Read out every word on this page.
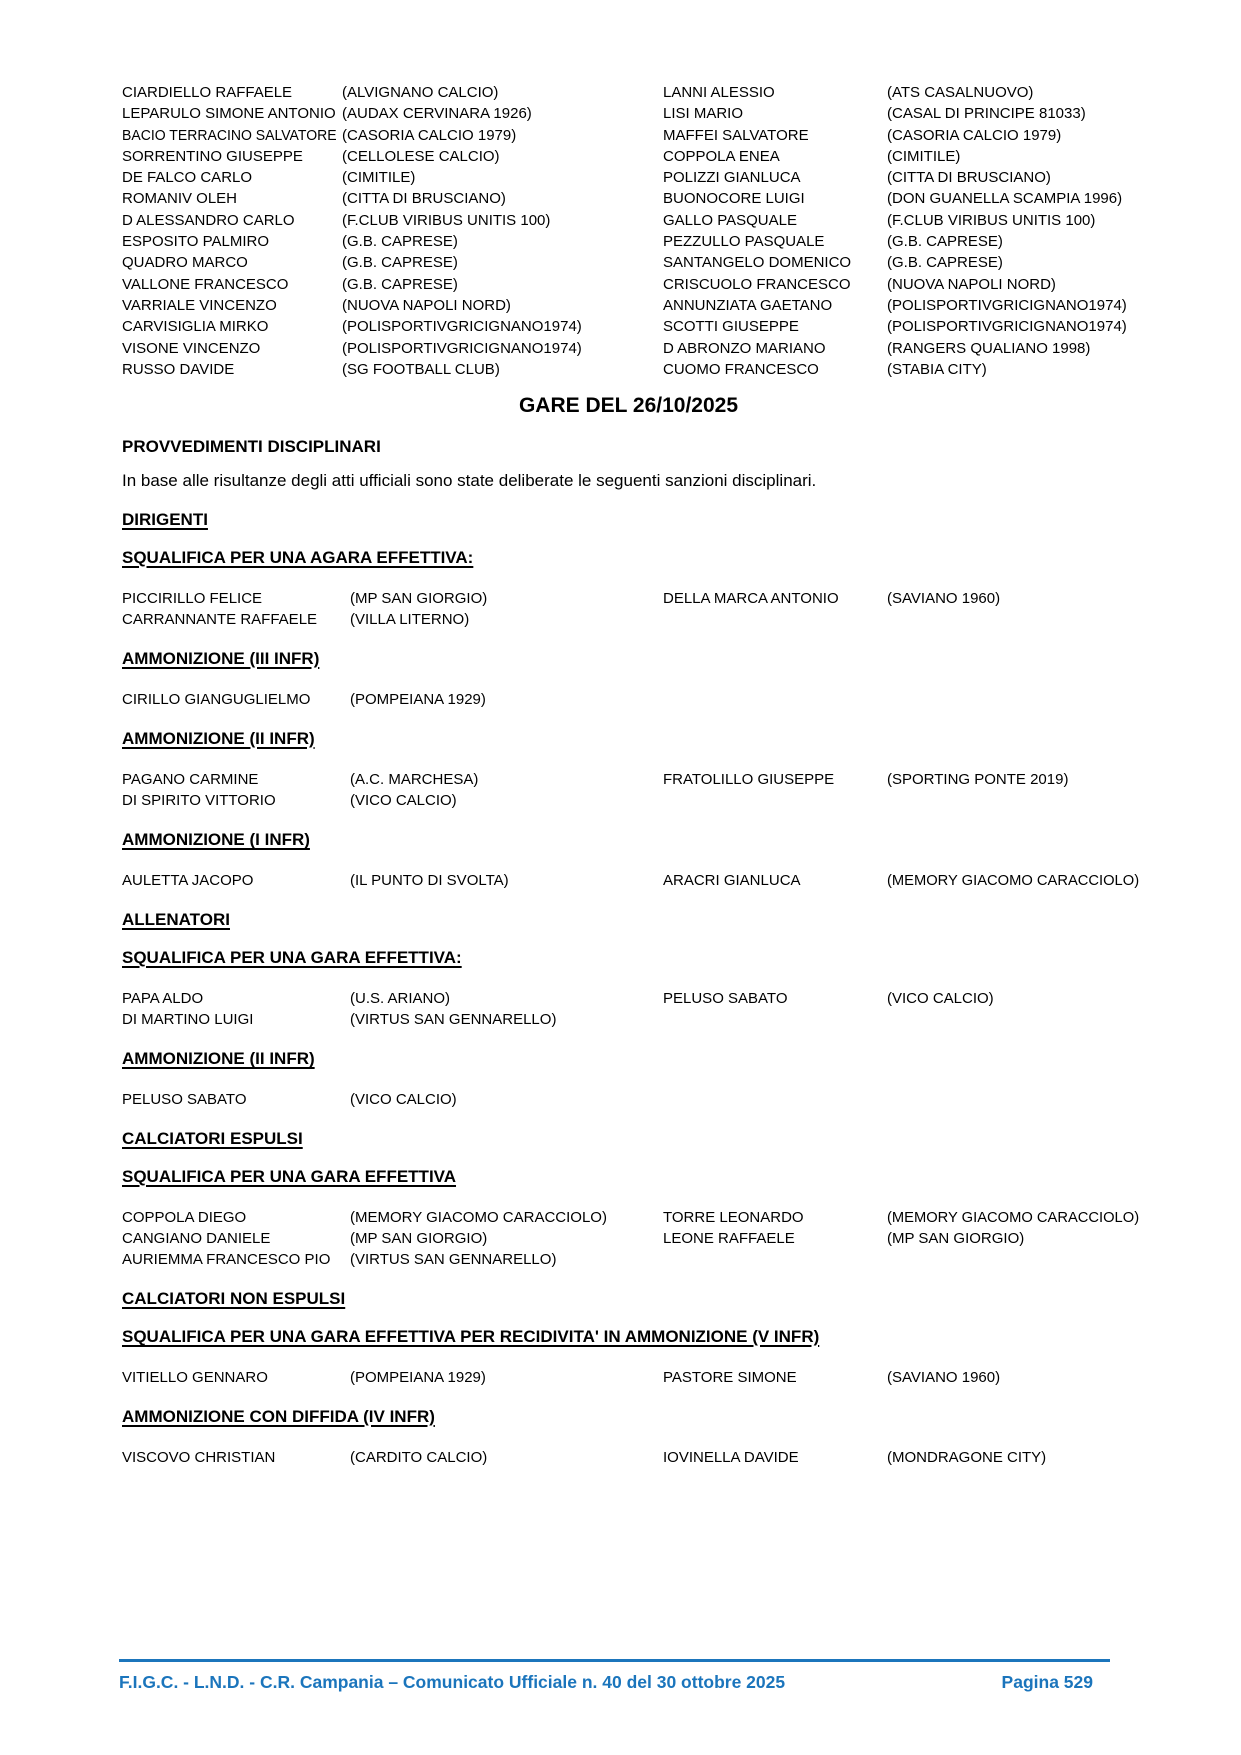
CIARDIELLO RAFFAELE	(ALVIGNANO CALCIO)	LANNI ALESSIO	(ATS CASALNUOVO)
LEPARULO SIMONE ANTONIO (AUDAX CERVINARA 1926)	LISI MARIO	(CASAL DI PRINCIPE 81033)
BACIO TERRACINO SALVATORE (CASORIA CALCIO 1979)	MAFFEI SALVATORE	(CASORIA CALCIO 1979)
SORRENTINO GIUSEPPE	(CELLOLESE CALCIO)	COPPOLA ENEA	(CIMITILE)
DE FALCO CARLO	(CIMITILE)	POLIZZI GIANLUCA	(CITTA DI BRUSCIANO)
ROMANIV OLEH	(CITTA DI BRUSCIANO)	BUONOCORE LUIGI	(DON GUANELLA SCAMPIA 1996)
D ALESSANDRO CARLO	(F.CLUB VIRIBUS UNITIS 100)	GALLO PASQUALE	(F.CLUB VIRIBUS UNITIS 100)
ESPOSITO PALMIRO	(G.B. CAPRESE)	PEZZULLO PASQUALE	(G.B. CAPRESE)
QUADRO MARCO	(G.B. CAPRESE)	SANTANGELO DOMENICO	(G.B. CAPRESE)
VALLONE FRANCESCO	(G.B. CAPRESE)	CRISCUOLO FRANCESCO	(NUOVA NAPOLI NORD)
VARRIALE VINCENZO	(NUOVA NAPOLI NORD)	ANNUNZIATA GAETANO	(POLISPORTIVGRICIGNANO1974)
CARVISIGLIA MIRKO	(POLISPORTIVGRICIGNANO1974)	SCOTTI GIUSEPPE	(POLISPORTIVGRICIGNANO1974)
VISONE VINCENZO	(POLISPORTIVGRICIGNANO1974)	D ABRONZO MARIANO	(RANGERS QUALIANO 1998)
RUSSO DAVIDE	(SG FOOTBALL CLUB)	CUOMO FRANCESCO	(STABIA CITY)
GARE DEL 26/10/2025
PROVVEDIMENTI DISCIPLINARI
In base alle risultanze degli atti ufficiali sono state deliberate le seguenti sanzioni disciplinari.
DIRIGENTI
SQUALIFICA PER UNA AGARA EFFETTIVA:
PICCIRILLO FELICE	(MP SAN GIORGIO)	DELLA MARCA ANTONIO	(SAVIANO 1960)
CARRANNANTE RAFFAELE	(VILLA LITERNO)
AMMONIZIONE (III INFR)
CIRILLO GIANGUGLIELMO	(POMPEIANA 1929)
AMMONIZIONE (II INFR)
PAGANO CARMINE	(A.C. MARCHESA)	FRATOLILLO GIUSEPPE	(SPORTING PONTE 2019)
DI SPIRITO VITTORIO	(VICO CALCIO)
AMMONIZIONE (I INFR)
AULETTA JACOPO	(IL PUNTO DI SVOLTA)	ARACRI GIANLUCA	(MEMORY GIACOMO CARACCIOLO)
ALLENATORI
SQUALIFICA PER UNA GARA EFFETTIVA:
PAPA ALDO	(U.S. ARIANO)	PELUSO SABATO	(VICO CALCIO)
DI MARTINO LUIGI	(VIRTUS SAN GENNARELLO)
AMMONIZIONE (II INFR)
PELUSO SABATO	(VICO CALCIO)
CALCIATORI ESPULSI
SQUALIFICA PER UNA GARA EFFETTIVA
COPPOLA DIEGO	(MEMORY GIACOMO CARACCIOLO)	TORRE LEONARDO	(MEMORY GIACOMO CARACCIOLO)
CANGIANO DANIELE	(MP SAN GIORGIO)	LEONE RAFFAELE	(MP SAN GIORGIO)
AURIEMMA FRANCESCO PIO	(VIRTUS SAN GENNARELLO)
CALCIATORI NON ESPULSI
SQUALIFICA PER UNA GARA EFFETTIVA PER RECIDIVITA' IN AMMONIZIONE (V INFR)
VITIELLO GENNARO	(POMPEIANA 1929)	PASTORE SIMONE	(SAVIANO 1960)
AMMONIZIONE CON DIFFIDA (IV INFR)
VISCOVO CHRISTIAN	(CARDITO CALCIO)	IOVINELLA DAVIDE	(MONDRAGONE CITY)
F.I.G.C. - L.N.D. - C.R. Campania – Comunicato Ufficiale n. 40 del 30 ottobre 2025	Pagina 529
